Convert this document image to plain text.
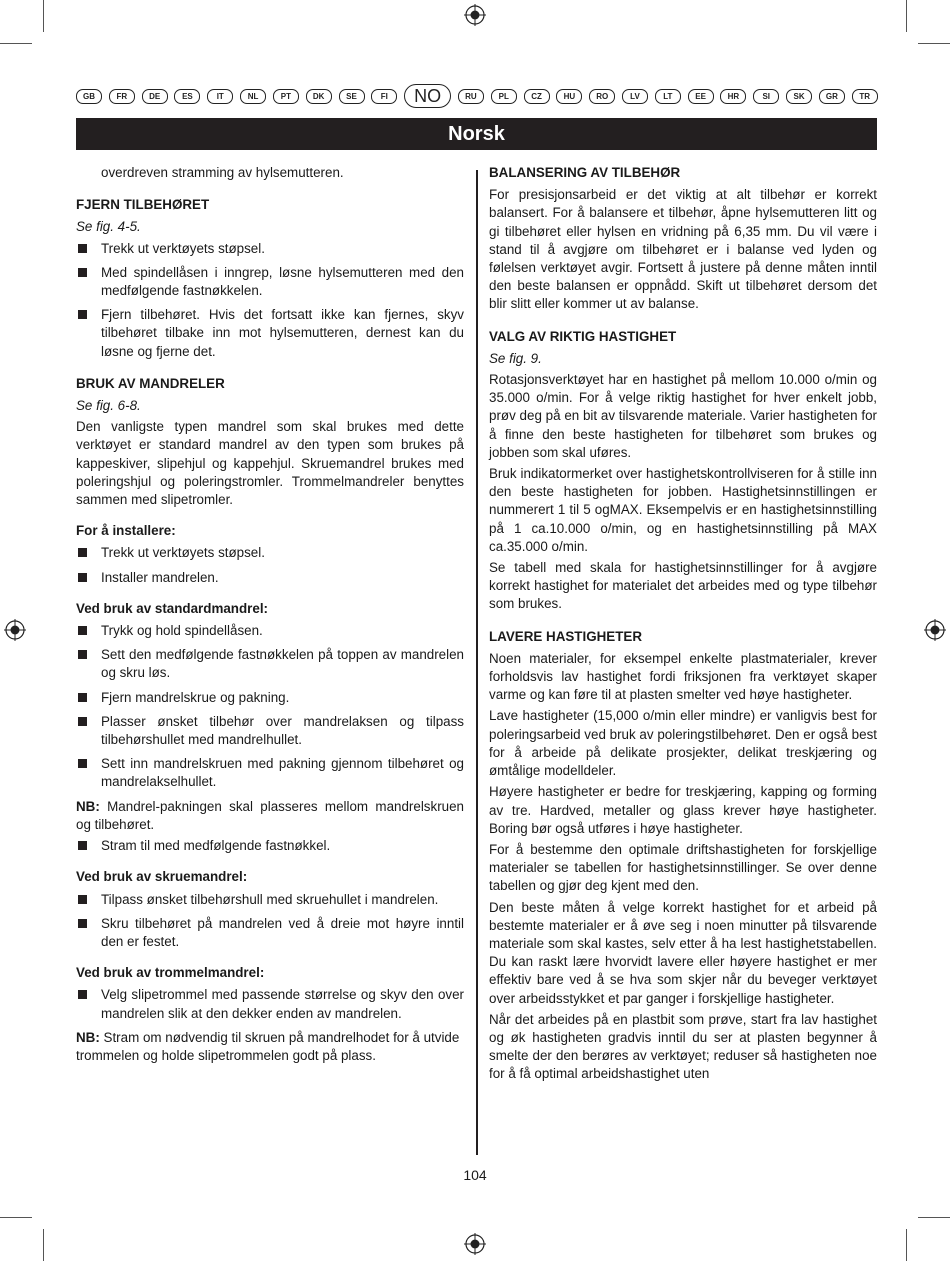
GB	FR	DE	ES	IT	NL	PT	DK	SE	FI	NO	RU	PL	CZ	HU	RO	LV	LT	EE	HR	SI	SK	GR	TR
Norsk

overdreven stramming av hylsemutteren.

FJERN TILBEHØRET
Se fig. 4-5.
Trekk ut verktøyets støpsel.
Med spindellåsen i inngrep, løsne hylsemutteren med den medfølgende fastnøkkelen.
Fjern tilbehøret. Hvis det fortsatt ikke kan fjernes, skyv tilbehøret tilbake inn mot hylsemutteren, dernest kan du løsne og fjerne det.
BRUK AV MANDRELER
Se fig. 6-8.

Den vanligste typen mandrel som skal brukes med dette verktøyet er standard mandrel av den typen som brukes på kappeskiver, slipehjul og kappehjul. Skruemandrel brukes med poleringshjul og poleringstromler. Trommelmandreler benyttes sammen med slipetromler.

For å installere:
Trekk ut verktøyets støpsel.
Installer mandrelen.
Ved bruk av standardmandrel:
Trykk og hold spindellåsen.
Sett den medfølgende fastnøkkelen på toppen av mandrelen og skru løs.
Fjern mandrelskrue og pakning.
Plasser ønsket tilbehør over mandrelaksen og tilpass tilbehørshullet med mandrelhullet.
Sett inn mandrelskruen med pakning gjennom tilbehøret og mandrelakselhullet.

NB: Mandrel-pakningen skal plasseres mellom mandrelskruen og tilbehøret.

Stram til med medfølgende fastnøkkel.
Ved bruk av skruemandrel:
Tilpass ønsket tilbehørshull med skruehullet i mandrelen.
Skru tilbehøret på mandrelen ved å dreie mot høyre inntil den er festet.
Ved bruk av trommelmandrel:
Velg slipetrommel med passende størrelse og skyv den over mandrelen slik at den dekker enden av mandrelen.

NB: Stram om nødvendig til skruen på mandrelhodet for å utvide trommelen og holde slipetrommelen godt på plass.

BALANSERING AV TILBEHØR

For presisjonsarbeid er det viktig at alt tilbehør er korrekt balansert. For å balansere et tilbehør, åpne hylsemutteren litt og gi tilbehøret eller hylsen en vridning på 6,35 mm. Du vil være i stand til å avgjøre om tilbehøret er i balanse ved lyden og følelsen verktøyet avgir. Fortsett å justere på denne måten inntil den beste balansen er oppnådd. Skift ut tilbehøret dersom det blir slitt eller kommer ut av balanse.

VALG AV RIKTIG HASTIGHET
Se fig. 9.

Rotasjonsverktøyet har en hastighet på mellom 10.000 o/min og 35.000 o/min. For å velge riktig hastighet for hver enkelt jobb, prøv deg på en bit av tilsvarende materiale. Varier hastigheten for å finne den beste hastigheten for tilbehøret som brukes og jobben som skal uføres.

Bruk indikatormerket over hastighetskontrollviseren for å stille inn den beste hastigheten for jobben. Hastighetsinnstillingen er nummerert 1 til 5 ogMAX. Eksempelvis er en hastighetsinnstilling på 1 ca.10.000 o/min, og en hastighetsinnstilling på MAX ca.35.000 o/min.

Se tabell med skala for hastighetsinnstillinger for å avgjøre korrekt hastighet for materialet det arbeides med og type tilbehør som brukes.

LAVERE HASTIGHETER

Noen materialer, for eksempel enkelte plastmaterialer, krever forholdsvis lav hastighet fordi friksjonen fra verktøyet skaper varme og kan føre til at plasten smelter ved høye hastigheter.

Lave hastigheter (15,000 o/min eller mindre) er vanligvis best for poleringsarbeid ved bruk av poleringstilbehøret. Den er også best for å arbeide på delikate prosjekter, delikat treskjæring og ømtålige modelldeler.

Høyere hastigheter er bedre for treskjæring, kapping og forming av tre. Hardved, metaller og glass krever høye hastigheter. Boring bør også utføres i høye hastigheter.

For å bestemme den optimale driftshastigheten for forskjellige materialer se tabellen for hastighetsinnstillinger. Se over denne tabellen og gjør deg kjent med den.

Den beste måten å velge korrekt hastighet for et arbeid på bestemte materialer er å øve seg i noen minutter på tilsvarende materiale som skal kastes, selv etter å ha lest hastighetstabellen. Du kan raskt lære hvorvidt lavere eller høyere hastighet er mer effektiv bare ved å se hva som skjer når du beveger verktøyet over arbeidsstykket et par ganger i forskjellige hastigheter.

Når det arbeides på en plastbit som prøve, start fra lav hastighet og øk hastigheten gradvis inntil du ser at plasten begynner å smelte der den berøres av verktøyet; reduser så hastigheten noe for å få optimal arbeidshastighet uten

104
